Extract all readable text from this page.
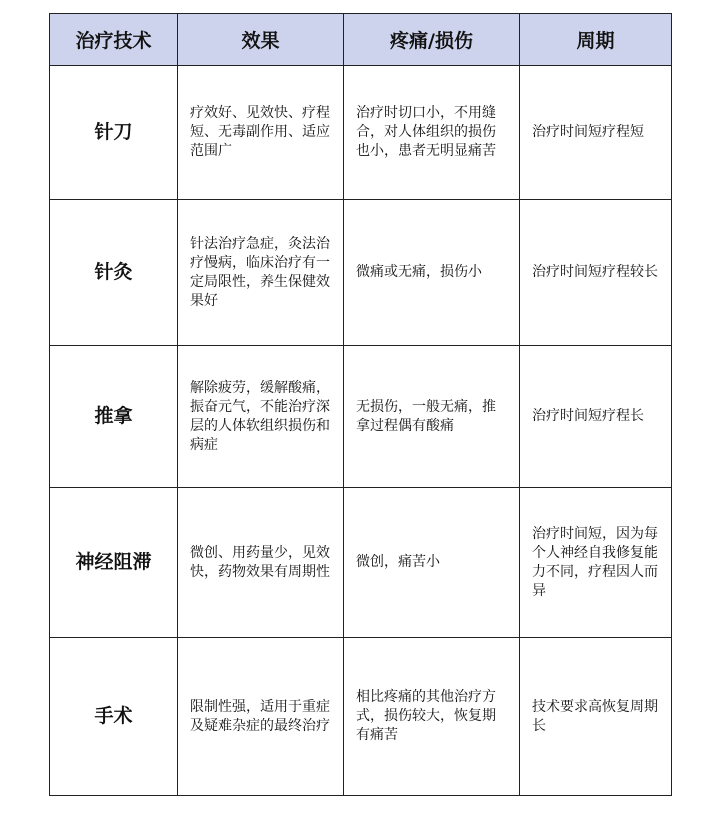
治疗技术	效果	疼痛/损伤	周期
针刀	疗效好、见效快、疗程短、无毒副作用、适应范围广	治疗时切口小，不用缝合，对人体组织的损伤也小，患者无明显痛苦	治疗时间短疗程短
针灸	针法治疗急症，灸法治疗慢病，临床治疗有一定局限性，养生保健效果好	微痛或无痛，损伤小	治疗时间短疗程较长
推拿	解除疲劳，缓解酸痛，振奋元气，不能治疗深层的人体软组织损伤和病症	无损伤，一般无痛，推拿过程偶有酸痛	治疗时间短疗程长
神经阻滞	微创、用药量少，见效快，药物效果有周期性	微创，痛苦小	治疗时间短，因为每个人神经自我修复能力不同，疗程因人而异
手术	限制性强，适用于重症及疑难杂症的最终治疗	相比疼痛的其他治疗方式，损伤较大，恢复期有痛苦	技术要求高恢复周期长
